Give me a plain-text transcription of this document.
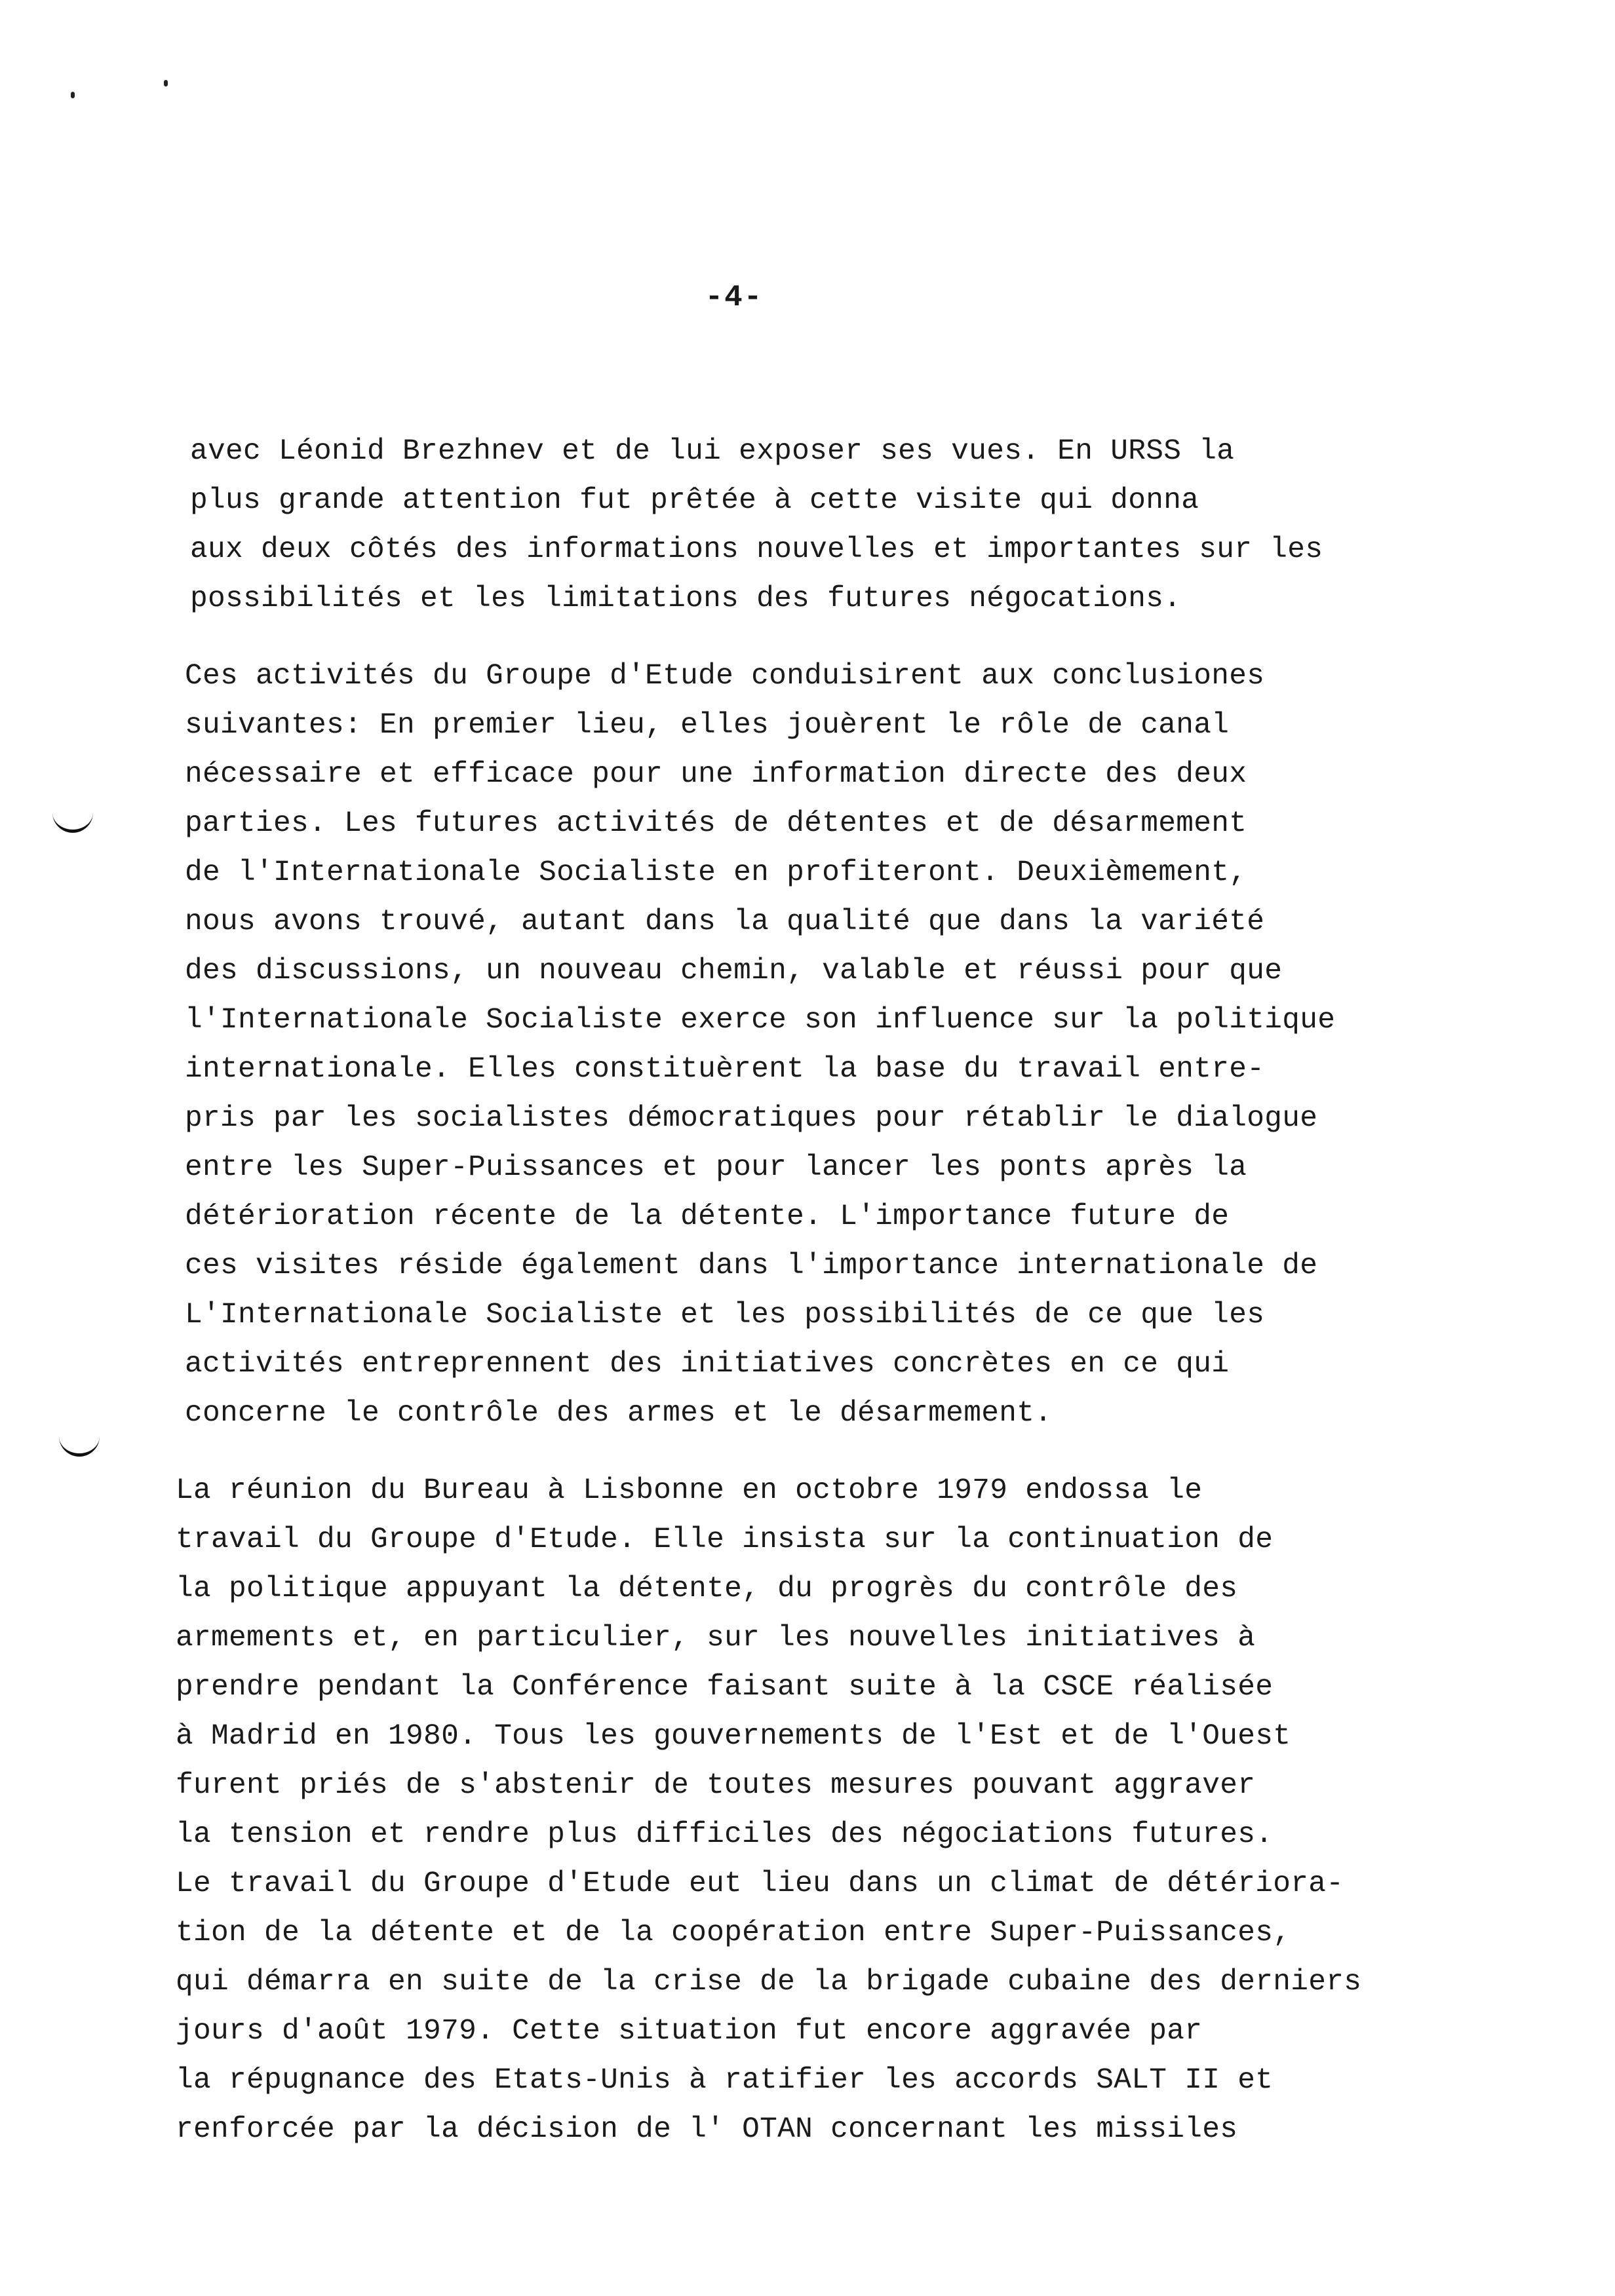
-4-
avec Léonid Brezhnev et de lui exposer ses vues. En URSS la
plus grande attention fut prêtée à cette visite qui donna
aux deux côtés des informations nouvelles et importantes sur les
possibilités et les limitations des futures négocations.
Ces activités du Groupe d'Etude conduisirent aux conclusiones
suivantes: En premier lieu, elles jouèrent le rôle de canal
nécessaire et efficace pour une information directe des deux
parties. Les futures activités de détentes et de désarmement
de l'Internationale Socialiste en profiteront. Deuxièmement,
nous avons trouvé, autant dans la qualité que dans la variété
des discussions, un nouveau chemin, valable et réussi pour que
l'Internationale Socialiste exerce son influence sur la politique
internationale. Elles constituèrent la base du travail entre-
pris par les socialistes démocratiques pour rétablir le dialogue
entre les Super-Puissances et pour lancer les ponts après la
détérioration récente de la détente. L'importance future de
ces visites réside également dans l'importance internationale de
L'Internationale Socialiste et les possibilités de ce que les
activités entreprennent des initiatives concrètes en ce qui
concerne le contrôle des armes et le désarmement.
La réunion du Bureau à Lisbonne en octobre 1979 endossa le
travail du Groupe d'Etude. Elle insista sur la continuation de
la politique appuyant la détente, du progrès du contrôle des
armements et, en particulier, sur les nouvelles initiatives à
prendre pendant la Conférence faisant suite à la CSCE réalisée
à Madrid en 1980. Tous les gouvernements de l'Est et de l'Ouest
furent priés de s'abstenir de toutes mesures pouvant aggraver
la tension et rendre plus difficiles des négociations futures.
Le travail du Groupe d'Etude eut lieu dans un climat de détériora-
tion de la détente et de la coopération entre Super-Puissances,
qui démarra en suite de la crise de la brigade cubaine des derniers
jours d'août 1979. Cette situation fut encore aggravée par
la répugnance des Etats-Unis à ratifier les accords SALT II et
renforcée par la décision de l' OTAN concernant les missiles
